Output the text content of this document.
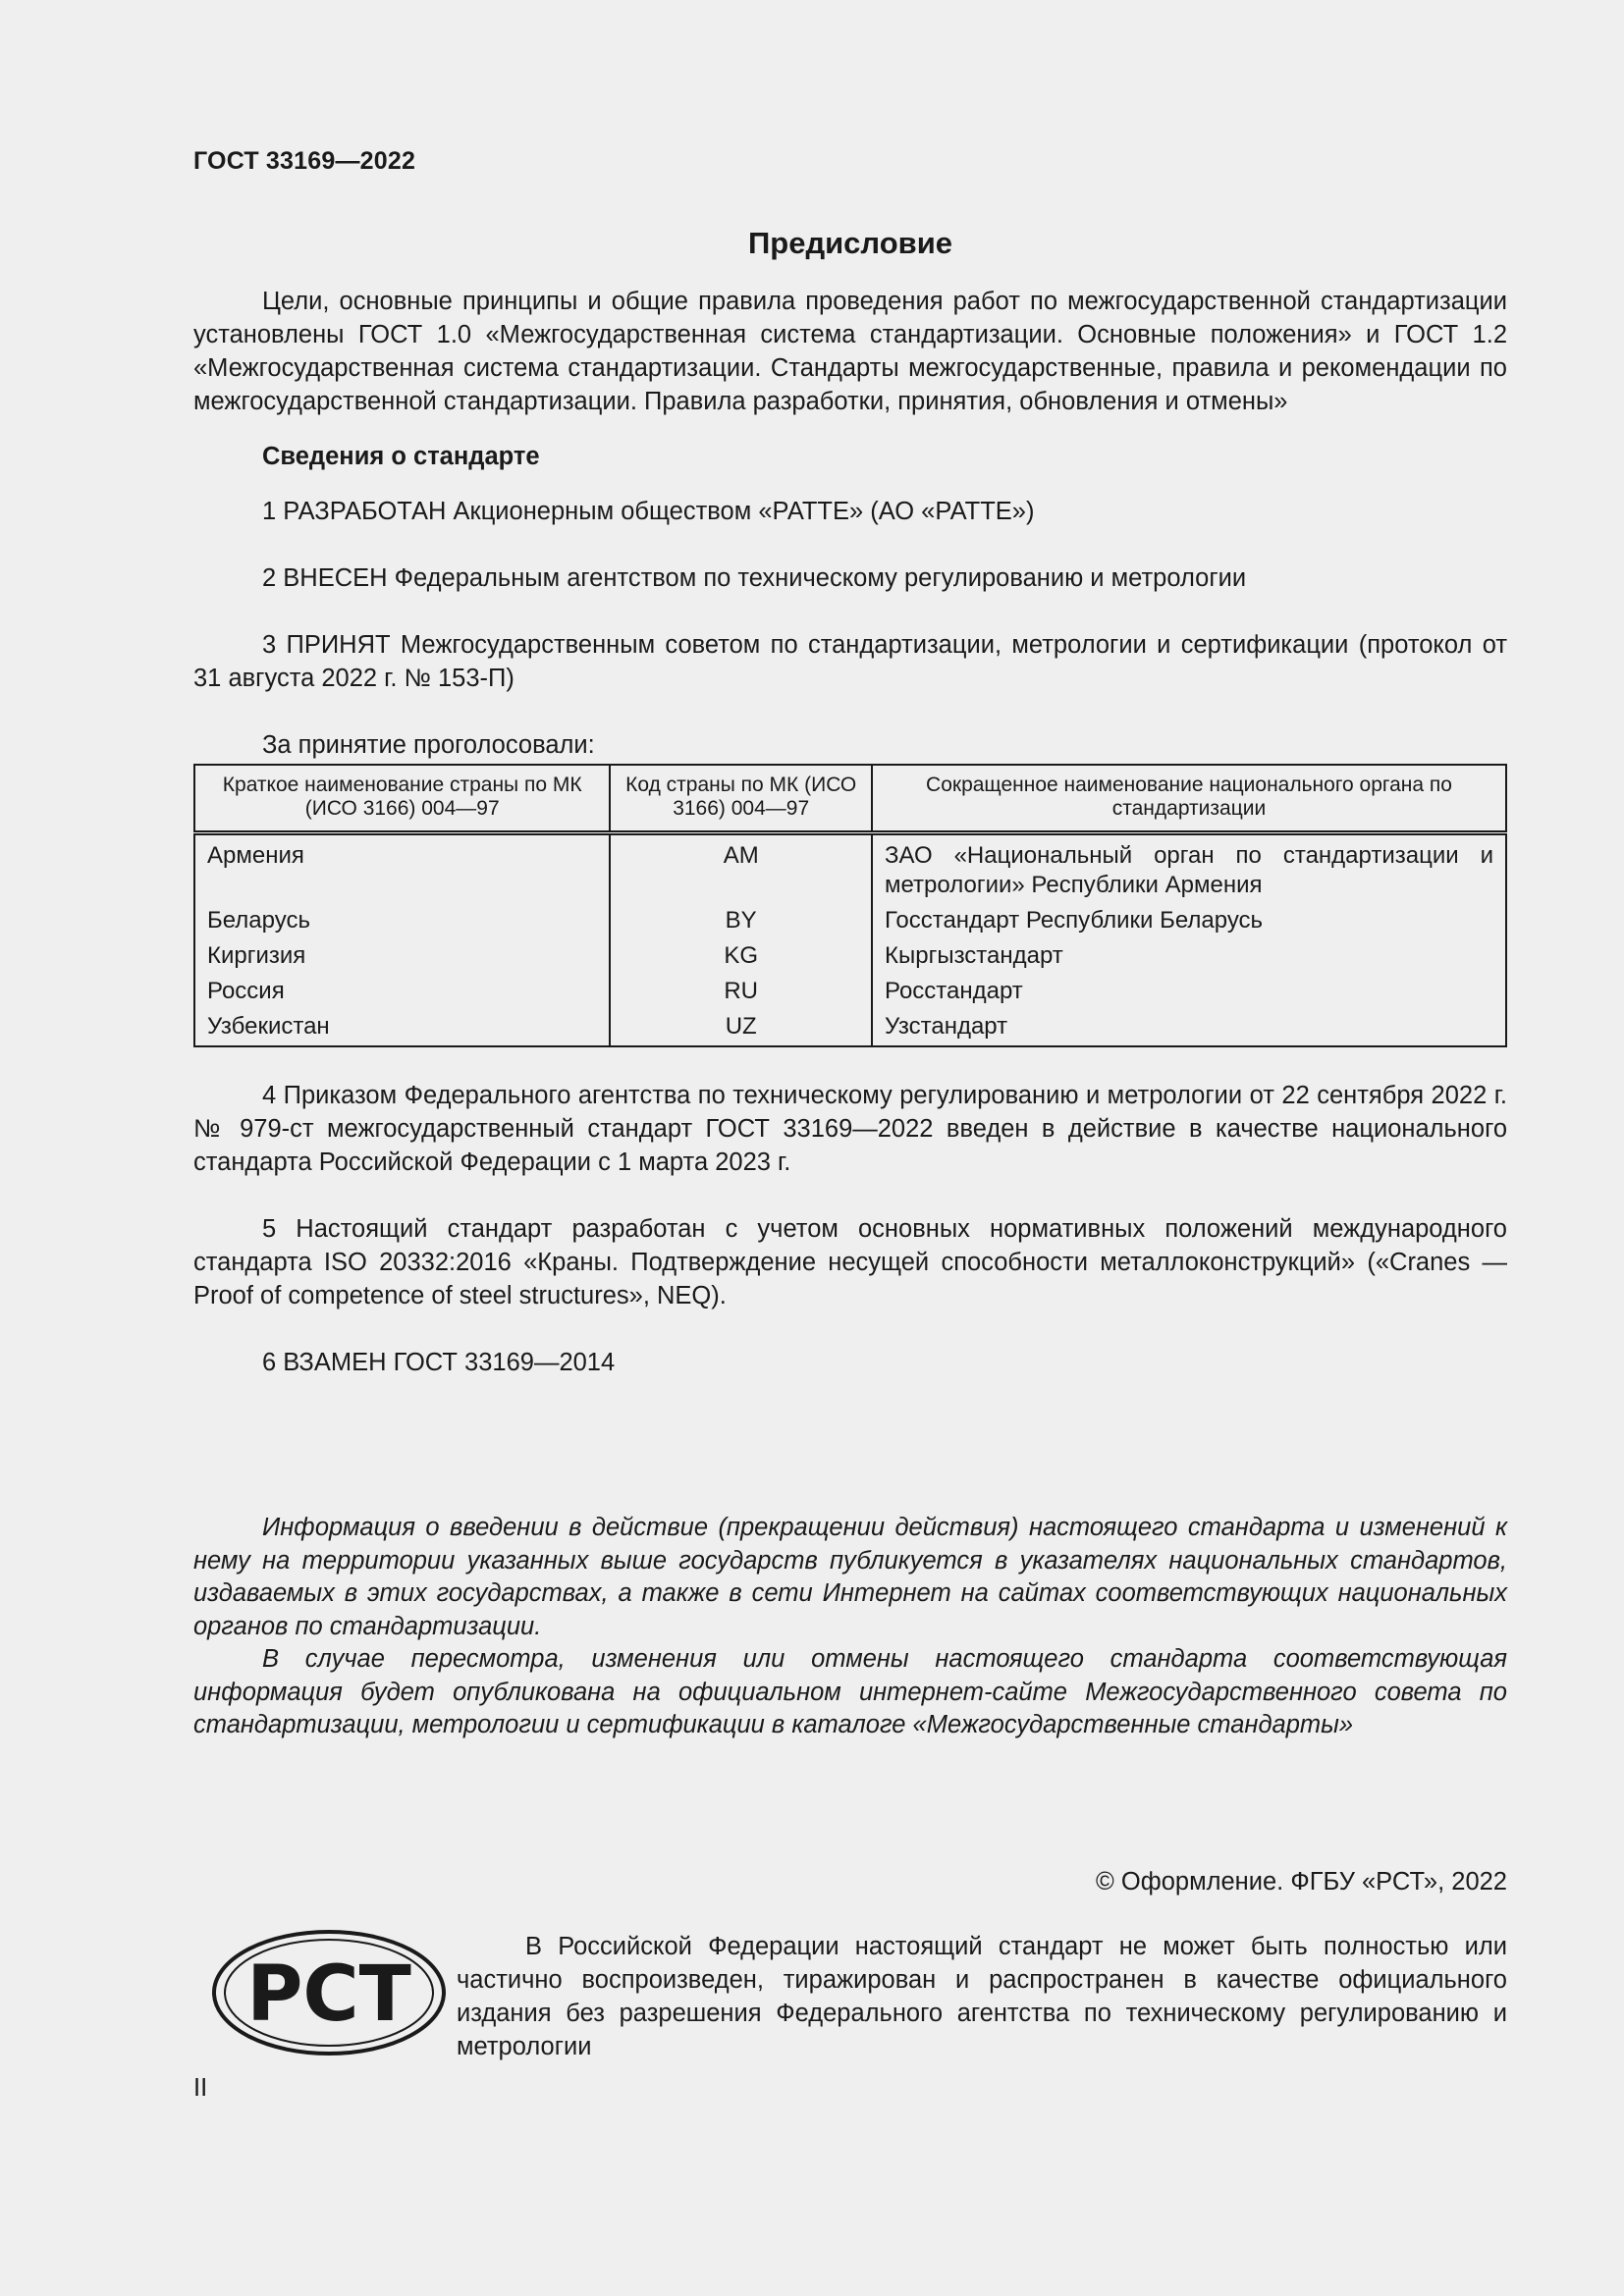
ГОСТ 33169—2022
Предисловие

Цели, основные принципы и общие правила проведения работ по межгосударственной стандартизации установлены ГОСТ 1.0 «Межгосударственная система стандартизации. Основные положения» и ГОСТ 1.2 «Межгосударственная система стандартизации. Стандарты межгосударственные, правила и рекомендации по межгосударственной стандартизации. Правила разработки, принятия, обновления и отмены»

Сведения о стандарте

1 РАЗРАБОТАН Акционерным обществом «РАТТЕ» (АО «РАТТЕ»)

2 ВНЕСЕН Федеральным агентством по техническому регулированию и метрологии

3 ПРИНЯТ Межгосударственным советом по стандартизации, метрологии и сертификации (протокол от 31 августа 2022 г. № 153-П)

За принятие проголосовали:

Краткое наименование страны по МК (ИСО 3166) 004—97	Код страны по МК (ИСО 3166) 004—97	Сокращенное наименование национального органа по стандартизации
Армения	AM	ЗАО «Национальный орган по стандартизации и метрологии» Республики Армения
Беларусь	BY	Госстандарт Республики Беларусь
Киргизия	KG	Кыргызстандарт
Россия	RU	Росстандарт
Узбекистан	UZ	Узстандарт

4 Приказом Федерального агентства по техническому регулированию и метрологии от 22 сентября 2022 г. № 979-ст межгосударственный стандарт ГОСТ 33169—2022 введен в действие в качестве национального стандарта Российской Федерации с 1 марта 2023 г.

5 Настоящий стандарт разработан с учетом основных нормативных положений международного стандарта ISO 20332:2016 «Краны. Подтверждение несущей способности металлоконструкций» («Cranes — Proof of competence of steel structures», NEQ).

6 ВЗАМЕН ГОСТ 33169—2014

Информация о введении в действие (прекращении действия) настоящего стандарта и изменений к нему на территории указанных выше государств публикуется в указателях национальных стандартов, издаваемых в этих государствах, а также в сети Интернет на сайтах соответствующих национальных органов по стандартизации.

В случае пересмотра, изменения или отмены настоящего стандарта соответствующая информация будет опубликована на официальном интернет-сайте Межгосударственного совета по стандартизации, метрологии и сертификации в каталоге «Межгосударственные стандарты»

© Оформление. ФГБУ «РСТ», 2022
РСТ
В Российской Федерации настоящий стандарт не может быть полностью или частично воспроизведен, тиражирован и распространен в качестве официального издания без разрешения Федерального агентства по техническому регулированию и метрологии
II
